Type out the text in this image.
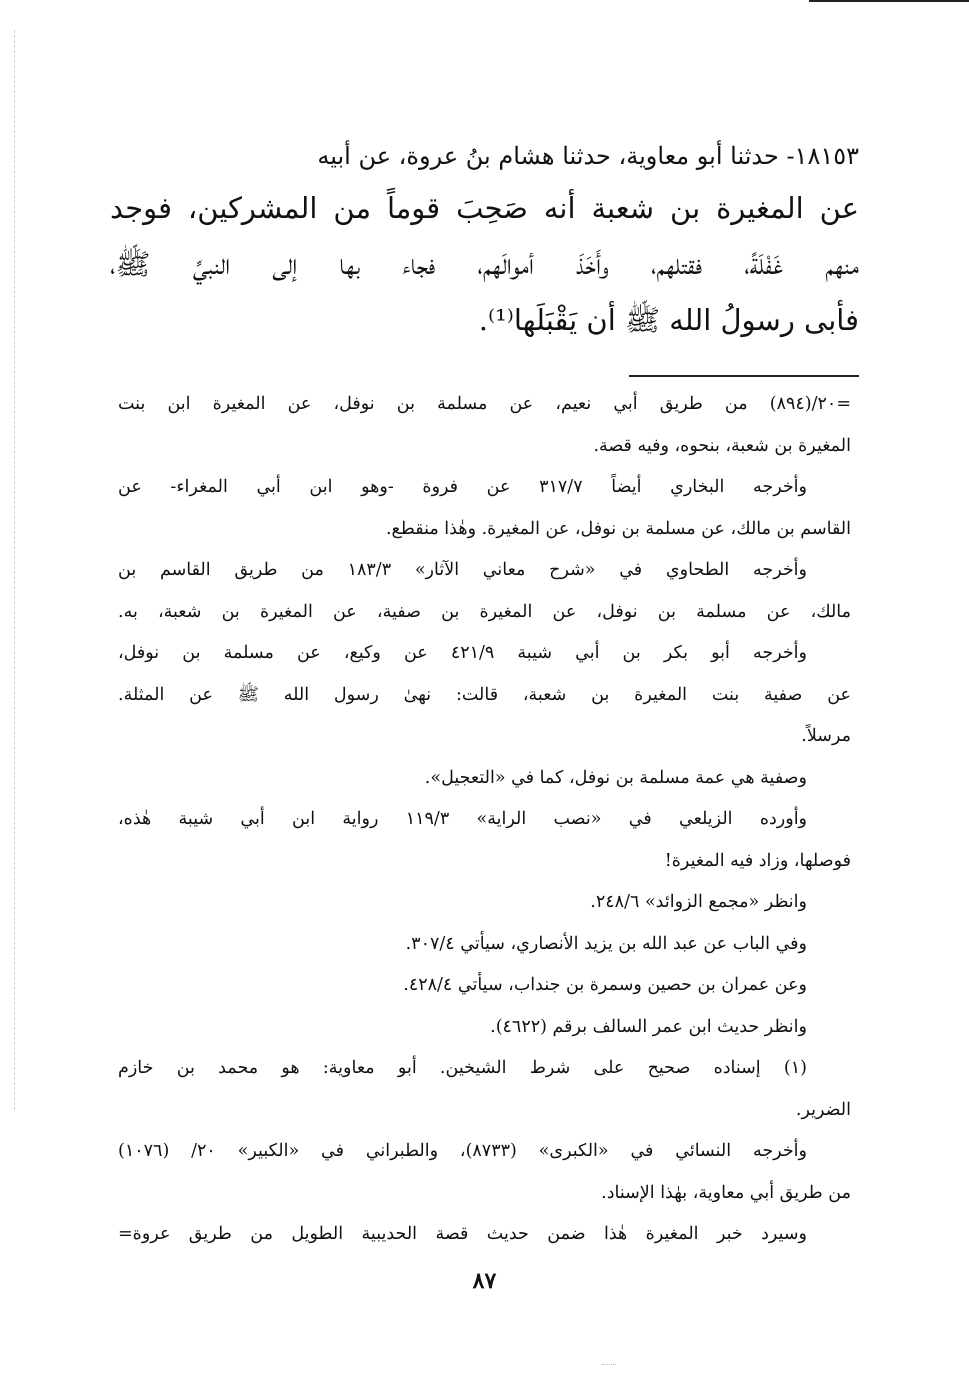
١٨١٥٣- حدثنا أبو معاوية، حدثنا هشام بنُ عروة، عن أبيه
عن المغيرة بن شعبة أنه صَحِبَ قوماً من المشركين، فوجد
منهم غَفْلَةً، فقتلهم، وأَخَذَ أموالَهم، فجاء بها إلى النبيِّ ﷺ،
فأبى رسولُ الله ﷺ أن يَقْبَلَها⁽¹⁾.
=٢٠/(٨٩٤) من طريق أبي نعيم، عن مسلمة بن نوفل، عن المغيرة ابن بنت
المغيرة بن شعبة، بنحوه، وفيه قصة.
وأخرجه البخاري أيضاً ٣١٧/٧ عن فروة -وهو ابن أبي المغراء- عن
القاسم بن مالك، عن مسلمة بن نوفل، عن المغيرة. وهٰذا منقطع.
وأخرجه الطحاوي في «شرح معاني الآثار» ١٨٣/٣ من طريق القاسم بن
مالك، عن مسلمة بن نوفل، عن المغيرة بن صفية، عن المغيرة بن شعبة، به.
وأخرجه أبو بكر بن أبي شيبة ٤٢١/٩ عن وكيع، عن مسلمة بن نوفل،
عن صفية بنت المغيرة بن شعبة، قالت: نهىٰ رسول الله ﷺ عن المثلة.
مرسلاً.
وصفية هي عمة مسلمة بن نوفل، كما في «التعجيل».
وأورده الزيلعي في «نصب الراية» ١١٩/٣ رواية ابن أبي شيبة هٰذه،
فوصلها، وزاد فيه المغيرة!
وانظر «مجمع الزوائد» ٢٤٨/٦.
وفي الباب عن عبد الله بن يزيد الأنصاري، سيأتي ٣٠٧/٤.
وعن عمران بن حصين وسمرة بن جنداب، سيأتي ٤٢٨/٤.
وانظر حديث ابن عمر السالف برقم (٤٦٢٢).
(١) إسناده صحيح على شرط الشيخين. أبو معاوية: هو محمد بن خازم
الضرير.
وأخرجه النسائي في «الكبرى» (٨٧٣٣)، والطبراني في «الكبير» ٢٠/ (١٠٧٦)
من طريق أبي معاوية، بهٰذا الإسناد.
وسيرد خبر المغيرة هٰذا ضمن حديث قصة الحديبية الطويل من طريق عروة=
٨٧
